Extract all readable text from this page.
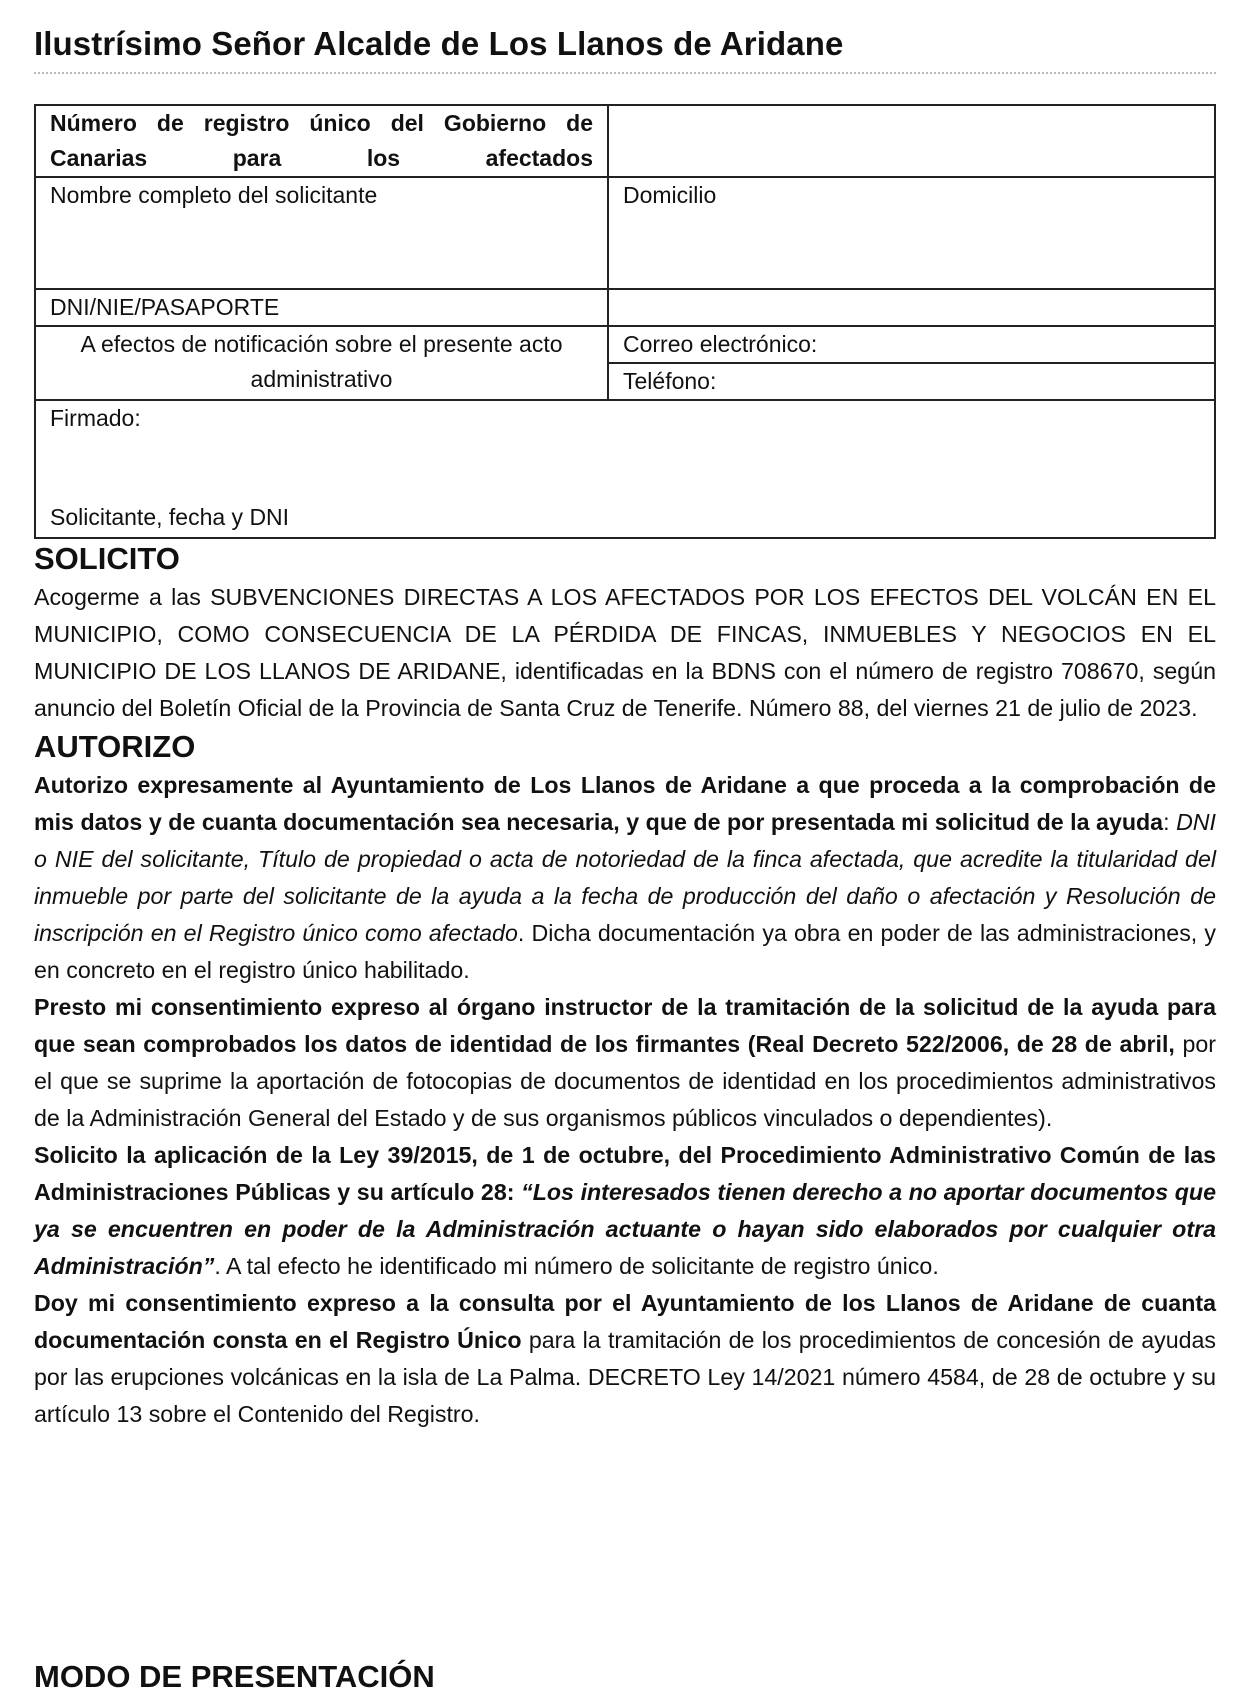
Ilustrísimo Señor Alcalde de Los Llanos de Aridane
Número de registro único del Gobierno de Canarias para los afectados	
Nombre completo del solicitante	Domicilio
DNI/NIE/PASAPORTE	
A efectos de notificación sobre el presente acto administrativo	Correo electrónico:
	Teléfono:

Firmado:
Solicitante, fecha y DNI	
SOLICITO

Acogerme a las SUBVENCIONES DIRECTAS A LOS AFECTADOS POR LOS EFECTOS DEL VOLCÁN EN EL MUNICIPIO, COMO CONSECUENCIA DE LA PÉRDIDA DE FINCAS, INMUEBLES Y NEGOCIOS EN EL MUNICIPIO DE LOS LLANOS DE ARIDANE, identificadas en la BDNS con el número de registro 708670, según anuncio del Boletín Oficial de la Provincia de Santa Cruz de Tenerife. Número 88, del viernes 21 de julio de 2023.

AUTORIZO

Autorizo expresamente al Ayuntamiento de Los Llanos de Aridane a que proceda a la comprobación de mis datos y de cuanta documentación sea necesaria, y que de por presentada mi solicitud de la ayuda: DNI o NIE del solicitante, Título de propiedad o acta de notoriedad de la finca afectada, que acredite la titularidad del inmueble por parte del solicitante de la ayuda a la fecha de producción del daño o afectación y Resolución de inscripción en el Registro único como afectado. Dicha documentación ya obra en poder de las administraciones, y en concreto en el registro único habilitado.

Presto mi consentimiento expreso al órgano instructor de la tramitación de la solicitud de la ayuda para que sean comprobados los datos de identidad de los firmantes (Real Decreto 522/2006, de 28 de abril, por el que se suprime la aportación de fotocopias de documentos de identidad en los procedimientos administrativos de la Administración General del Estado y de sus organismos públicos vinculados o dependientes).

Solicito la aplicación de la Ley 39/2015, de 1 de octubre, del Procedimiento Administrativo Común de las Administraciones Públicas y su artículo 28: “Los interesados tienen derecho a no aportar documentos que ya se encuentren en poder de la Administración actuante o hayan sido elaborados por cualquier otra Administración”. A tal efecto he identificado mi número de solicitante de registro único.

Doy mi consentimiento expreso a la consulta por el Ayuntamiento de los Llanos de Aridane de cuanta documentación consta en el Registro Único para la tramitación de los procedimientos de concesión de ayudas por las erupciones volcánicas en la isla de La Palma. DECRETO Ley 14/2021 número 4584, de 28 de octubre y su artículo 13 sobre el Contenido del Registro.

MODO DE PRESENTACIÓN
